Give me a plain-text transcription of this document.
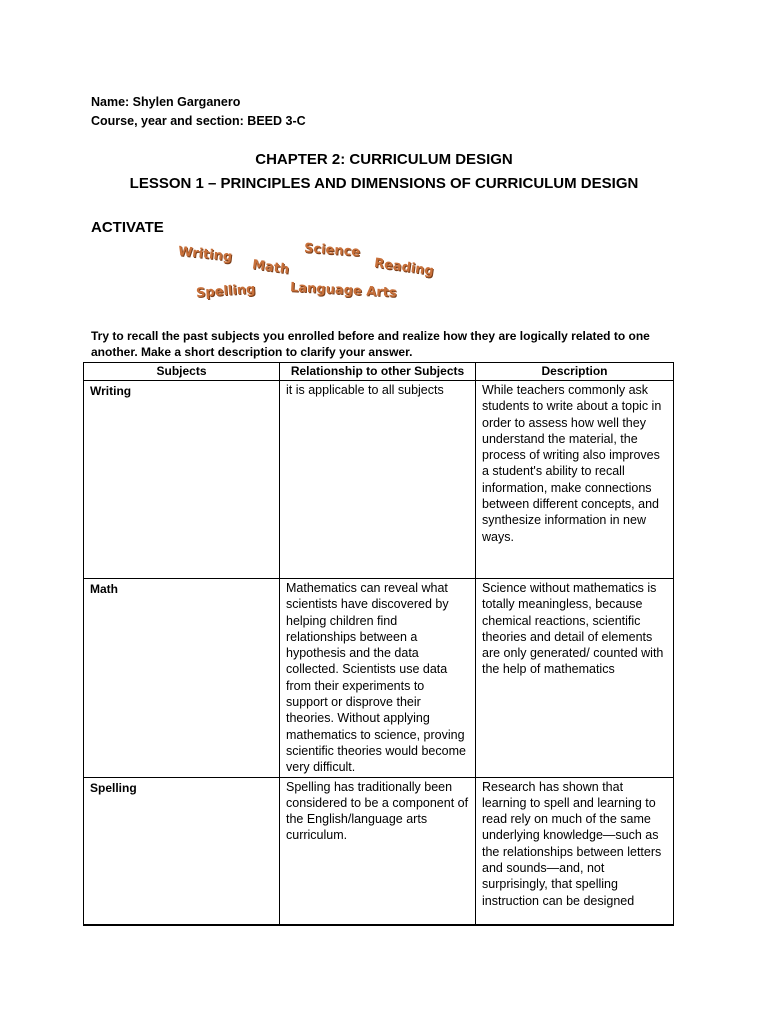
Name: Shylen Garganero
Course, year and section: BEED 3-C
CHAPTER 2: CURRICULUM DESIGN
LESSON 1 – PRINCIPLES AND DIMENSIONS OF CURRICULUM DESIGN
ACTIVATE
Writing
Math
Science
Reading
Spelling	Language Arts
Try to recall the past subjects you enrolled before and realize how they are logically related to one another. Make a short description to clarify your answer.
Subjects	Relationship to other Subjects	Description
Writing	it is applicable to all subjects	While teachers commonly ask students to write about a topic in order to assess how well they understand the material, the process of writing also improves a student's ability to recall information, make connections between different concepts, and synthesize information in new ways.
Math	Mathematics can reveal what scientists have discovered by helping children find relationships between a hypothesis and the data collected. Scientists use data from their experiments to support or disprove their theories. Without applying mathematics to science, proving scientific theories would become very difficult.	Science without mathematics is totally meaningless, because chemical reactions, scientific theories and detail of elements are only generated/ counted with the help of mathematics
Spelling	Spelling has traditionally been considered to be a component of the English/language arts curriculum.	Research has shown that learning to spell and learning to read rely on much of the same underlying knowledge—such as the relationships between letters and sounds—and, not surprisingly, that spelling instruction can be designed
